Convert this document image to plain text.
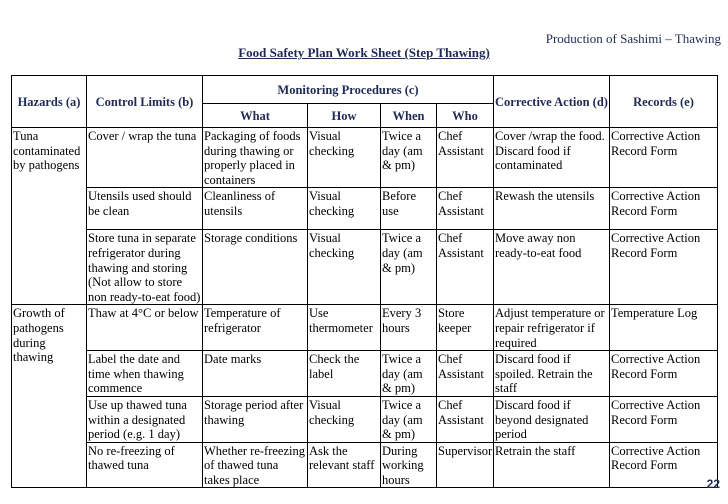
Production of Sashimi – Thawing
Food Safety Plan Work Sheet (Step Thawing)
Hazards (a)	Control Limits (b)	Monitoring Procedures (c)				Corrective Action (d)	Records (e)
		What	How	When	Who		
Tuna contaminated by pathogens	Cover / wrap the tuna	Packaging of foods during thawing or properly placed in containers	Visual checking	Twice a day (am & pm)	Chef Assistant	Cover /wrap the food. Discard food if contaminated	Corrective Action Record Form
	Utensils used should be clean	Cleanliness of utensils	Visual checking	Before use	Chef Assistant	Rewash the utensils	Corrective Action Record Form
	Store tuna in separate refrigerator during thawing and storing (Not allow to store non ready-to-eat food)	Storage conditions	Visual checking	Twice a day (am & pm)	Chef Assistant	Move away non ready-to-eat food	Corrective Action Record Form
Growth of pathogens during thawing	Thaw at 4°C or below	Temperature of refrigerator	Use thermometer	Every 3 hours	Store keeper	Adjust temperature or repair refrigerator if required	Temperature Log
	Label the date and time when thawing commence	Date marks	Check the label	Twice a day (am & pm)	Chef Assistant	Discard food if spoiled. Retrain the staff	Corrective Action Record Form
	Use up thawed tuna within a designated period (e.g. 1 day)	Storage period after thawing	Visual checking	Twice a day (am & pm)	Chef Assistant	Discard food if beyond designated period	Corrective Action Record Form
	No re-freezing of thawed tuna	Whether re-freezing of thawed tuna takes place	Ask the relevant staff	During working hours	Supervisor	Retrain the staff	Corrective Action Record Form
22
